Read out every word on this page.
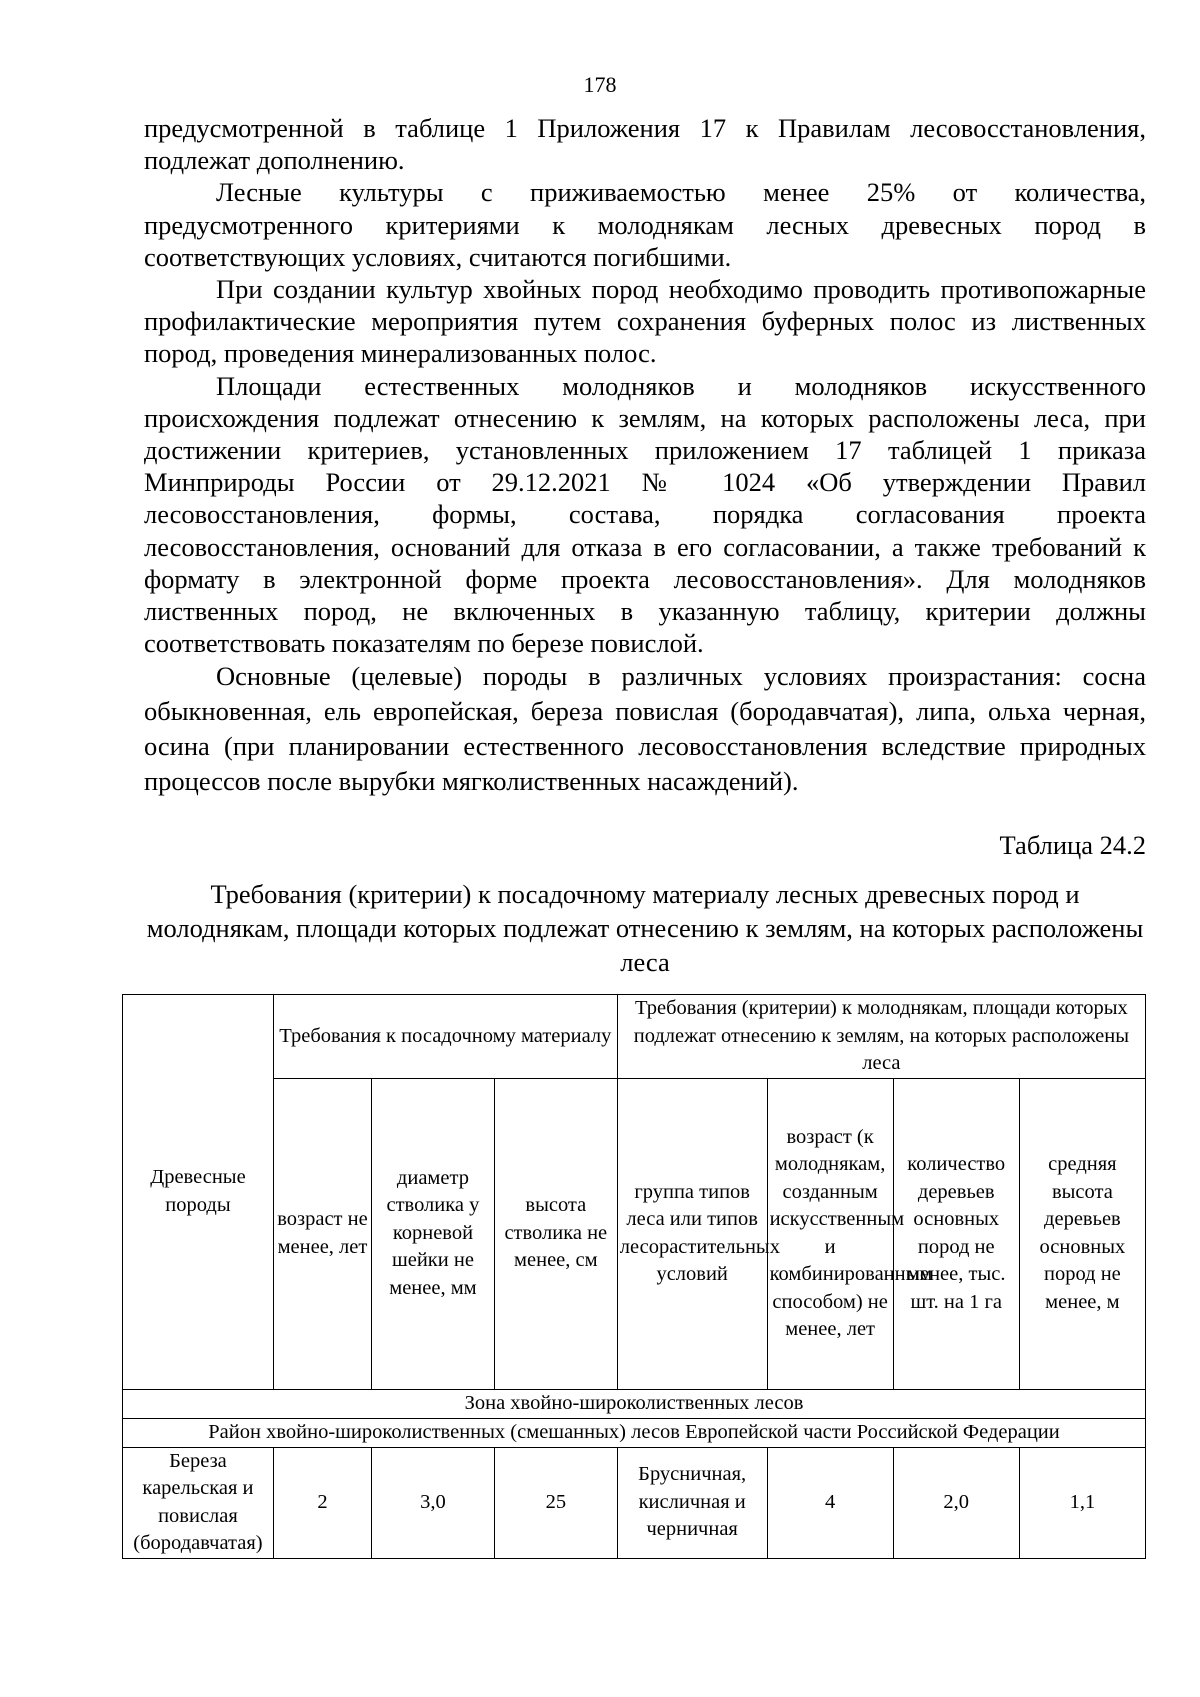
178

предусмотренной в таблице 1 Приложения 17 к Правилам лесовосстановления, подлежат дополнению.

Лесные культуры с приживаемостью менее 25% от количества, предусмотренного критериями к молоднякам лесных древесных пород в соответствующих условиях, считаются погибшими.

При создании культур хвойных пород необходимо проводить противопожарные профилактические мероприятия путем сохранения буферных полос из лиственных пород, проведения минерализованных полос.

Площади естественных молодняков и молодняков искусственного происхождения подлежат отнесению к землям, на которых расположены леса, при достижении критериев, установленных приложением 17 таблицей 1 приказа Минприроды России от 29.12.2021 № 1024 «Об утверждении Правил лесовосстановления, формы, состава, порядка согласования проекта лесовосстановления, оснований для отказа в его согласовании, а также требований к формату в электронной форме проекта лесовосстановления». Для молодняков лиственных пород, не включенных в указанную таблицу, критерии должны соответствовать показателям по березе повислой.

Основные (целевые) породы в различных условиях произрастания: сосна обыкновенная, ель европейская, береза повислая (бородавчатая), липа, ольха черная, осина (при планировании естественного лесовосстановления вследствие природных процессов после вырубки мягколиственных насаждений).

Таблица 24.2
Требования (критерии) к посадочному материалу лесных древесных пород и молоднякам, площади которых подлежат отнесению к землям, на которых расположены леса
Древесные породы	Требования к посадочному материалу			Требования (критерии) к молоднякам, площади которых подлежат отнесению к землям, на которых расположены леса			
	возраст не менее, лет	диаметр стволика у корневой шейки не менее, мм	высота стволика не менее, см	группа типов леса или типов лесорастительных условий	возраст (к молоднякам, созданным искусственным и комбинированным способом) не менее, лет	количество деревьев основных пород не менее, тыс. шт. на 1 га	средняя высота деревьев основных пород не менее, м
Зона хвойно-широколиственных лесов							
Район хвойно-широколиственных (смешанных) лесов Европейской части Российской Федерации							
Береза карельская и повислая (бородавчатая)	2	3,0	25	Брусничная, кисличная и черничная	4	2,0	1,1
